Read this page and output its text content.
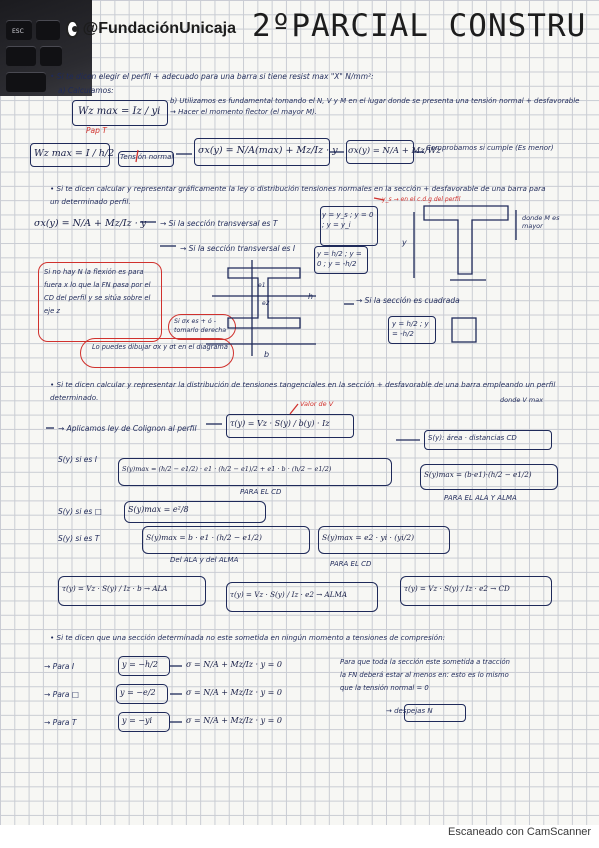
ESC	@FundaciónUnicaja 2ºPARCIAL CONSTRU
• Si te dicen elegir el perfil + adecuado para una barra si tiene resist max "X" N/mm²:
a) Calculamos:
Wz max = Iz / yi
Pap T
Wz max = I / h/2
b) Utilizamos es fundamental tomando el N, V y M en el lugar donde se presenta una tensión normal + desfavorable → Hacer el momento flector (el mayor M).
σx(y) = N/A(max) + Mz/Iz · y
Tensión normal
σx(y) = N/A + Mz/Wz
Comprobamos si cumple (Es menor)
• Si te dicen calcular y representar gráficamente la ley o distribución tensiones normales en la sección + desfavorable de una barra para un determinado perfil.
σx(y) = N/A + Mz/Iz · y → Si la sección transversal es T
y = y_s ; y = 0 ; y = y_i
y_s → en el c.d.g del perfil
donde M es mayor
→ Si la sección transversal es I
y = h/2 ; y = 0 ; y = -h/2
Si no hay N la flexión es para fuera x lo que la FN pasa por el CD del perfil y se sitúa sobre el eje z
Si σx es + ó - tomarlo derecha
Lo puedes dibujar σx y σt en el diagrama
→ Si la sección es cuadrada
y = h/2 ; y = -h/2
b
h
y
e1
e2
• Si te dicen calcular y representar la distribución de tensiones tangenciales en la sección + desfavorable de una barra empleando un perfil determinado.	donde V max
→ Aplicamos ley de Colignon al perfil
τ(y) = Vz · S(y) / b(y) · Iz
Valor de V
S(y): área · distancias CD
S(y) si es I
S(y)max = (h/2 − e1/2) · e1 · (h/2 − e1)/2 + e1 · b · (h/2 − e1/2)
PARA EL CD
S(y)max = (b·e1)·(h/2 − e1/2)
PARA EL ALA Y ALMA
S(y) si es □	S(y)max = e²/8
S(y) si es T	S(y)max = b · e1 · (h/2 − e1/2)
Del ALA y del ALMA
S(y)max = e2 · yi · (yi/2)
PARA EL CD
τ(y) = Vz · S(y) / Iz · b → ALA
τ(y) = Vz · S(y) / Iz · e2 → ALMA
τ(y) = Vz · S(y) / Iz · e2 → CD
• Si te dicen que una sección determinada no este sometida en ningún momento a tensiones de compresión:
→ Para I	y = −h/2	σ = N/A + Mz/Iz · y = 0
→ Para □	y = −e/2	σ = N/A + Mz/Iz · y = 0
→ Para T	y = −yi	σ = N/A + Mz/Iz · y = 0
Para que toda la sección este sometida a tracción la FN deberá estar al menos en: esto es lo mismo que la tensión normal = 0
→ despejas N
Escaneado con CamScanner
